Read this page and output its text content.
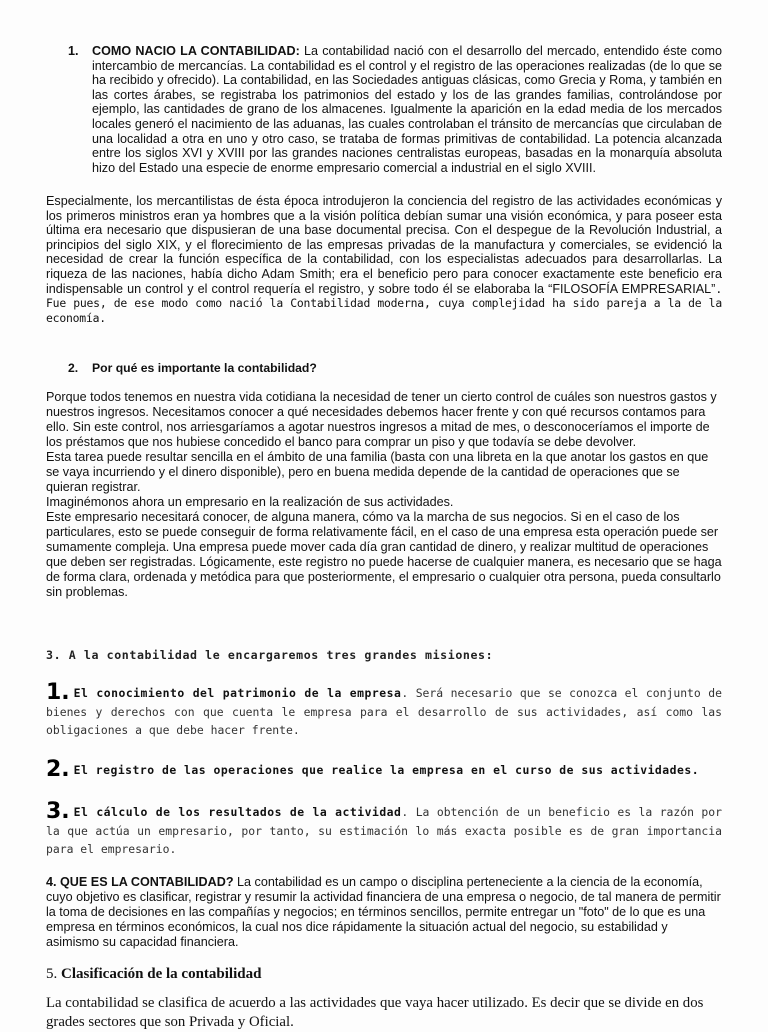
1. COMO NACIO LA CONTABILIDAD: La contabilidad nació con el desarrollo del mercado, entendido éste como intercambio de mercancías. La contabilidad es el control y el registro de las operaciones realizadas (de lo que se ha recibido y ofrecido). La contabilidad, en las Sociedades antiguas clásicas, como Grecia y Roma, y también en las cortes árabes, se registraba los patrimonios del estado y los de las grandes familias, controlándose por ejemplo, las cantidades de grano de los almacenes. Igualmente la aparición en la edad media de los mercados locales generó el nacimiento de las aduanas, las cuales controlaban el tránsito de mercancías que circulaban de una localidad a otra en uno y otro caso, se trataba de formas primitivas de contabilidad. La potencia alcanzada entre los siglos XVI y XVIII por las grandes naciones centralistas europeas, basadas en la monarquía absoluta hizo del Estado una especie de enorme empresario comercial a industrial en el siglo XVIII.
Especialmente, los mercantilistas de ésta época introdujeron la conciencia del registro de las actividades económicas y los primeros ministros eran ya hombres que a la visión política debían sumar una visión económica, y para poseer esta última era necesario que dispusieran de una base documental precisa. Con el despegue de la Revolución Industrial, a principios del siglo XIX, y el florecimiento de las empresas privadas de la manufactura y comerciales, se evidenció la necesidad de crear la función específica de la contabilidad, con los especialistas adecuados para desarrollarlas. La riqueza de las naciones, había dicho Adam Smith; era el beneficio pero para conocer exactamente este beneficio era indispensable un control y el control requería el registro, y sobre todo él se elaboraba la “FILOSOFÍA EMPRESARIAL”. Fue pues, de ese modo como nació la Contabilidad moderna, cuya complejidad ha sido pareja a la de la economía.
2. Por qué es importante la contabilidad?

Porque todos tenemos en nuestra vida cotidiana la necesidad de tener un cierto control de cuáles son nuestros gastos y nuestros ingresos. Necesitamos conocer a qué necesidades debemos hacer frente y con qué recursos contamos para ello. Sin este control, nos arriesgaríamos a agotar nuestros ingresos a mitad de mes, o desconoceríamos el importe de los préstamos que nos hubiese concedido el banco para comprar un piso y que todavía se debe devolver.

Esta tarea puede resultar sencilla en el ámbito de una familia (basta con una libreta en la que anotar los gastos en que se vaya incurriendo y el dinero disponible), pero en buena medida depende de la cantidad de operaciones que se quieran registrar.

Imaginémonos ahora un empresario en la realización de sus actividades.

Este empresario necesitará conocer, de alguna manera, cómo va la marcha de sus negocios. Si en el caso de los particulares, esto se puede conseguir de forma relativamente fácil, en el caso de una empresa esta operación puede ser sumamente compleja. Una empresa puede mover cada día gran cantidad de dinero, y realizar multitud de operaciones que deben ser registradas. Lógicamente, este registro no puede hacerse de cualquier manera, es necesario que se haga de forma clara, ordenada y metódica para que posteriormente, el empresario o cualquier otra persona, pueda consultarlo sin problemas.

3. A la contabilidad le encargaremos tres grandes misiones:
1. El conocimiento del patrimonio de la empresa. Será necesario que se conozca el conjunto de bienes y derechos con que cuenta le empresa para el desarrollo de sus actividades, así como las obligaciones a que debe hacer frente.
2. El registro de las operaciones que realice la empresa en el curso de sus actividades.
3. El cálculo de los resultados de la actividad. La obtención de un beneficio es la razón por la que actúa un empresario, por tanto, su estimación lo más exacta posible es de gran importancia para el empresario.
4. QUE ES LA CONTABILIDAD? La contabilidad es un campo o disciplina perteneciente a la ciencia de la economía, cuyo objetivo es clasificar, registrar y resumir la actividad financiera de una empresa o negocio, de tal manera de permitir la toma de decisiones en las compañías y negocios; en términos sencillos, permite entregar un "foto" de lo que es una empresa en términos económicos, la cual nos dice rápidamente la situación actual del negocio, su estabilidad y asimismo su capacidad financiera.
5. Clasificación de la contabilidad
La contabilidad se clasifica de acuerdo a las actividades que vaya hacer utilizado. Es decir que se divide en dos grades sectores que son Privada y Oficial.
